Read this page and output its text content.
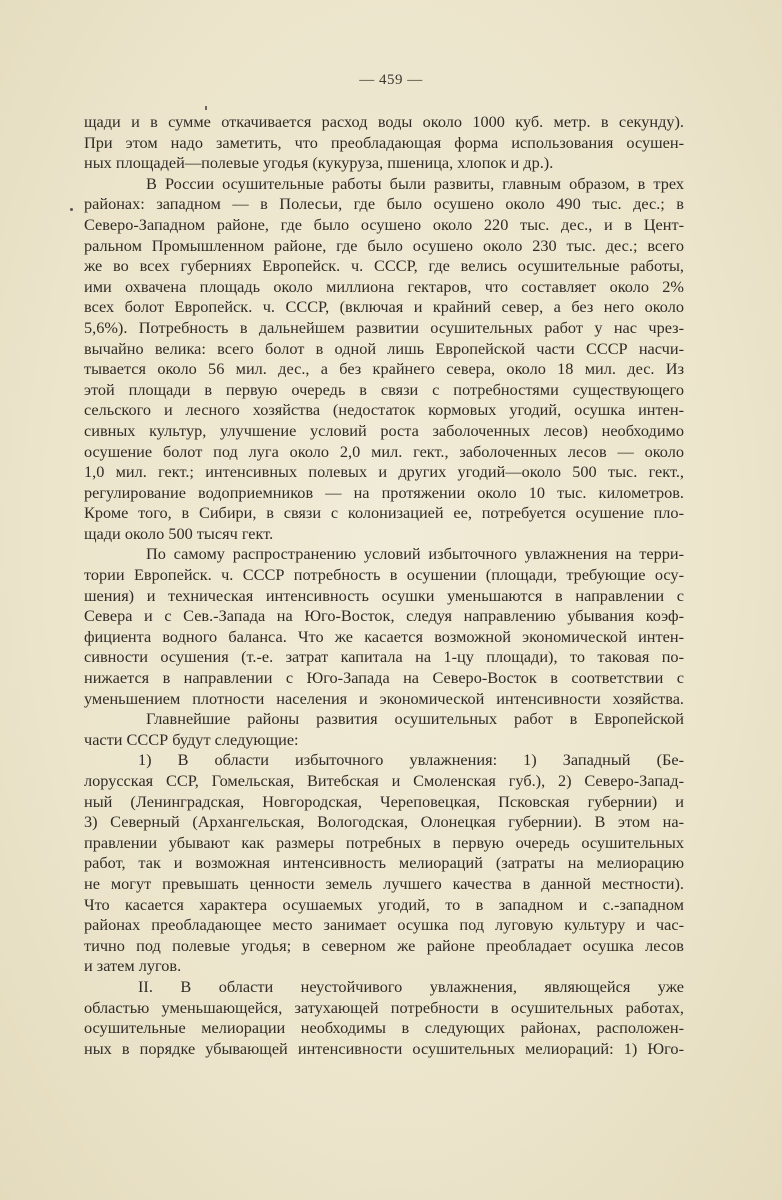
— 459 —
щади и в сумме откачивается расход воды около 1000 куб. метр. в секунду).
При этом надо заметить, что преобладающая форма использования осушен-
ных площадей—полевые угодья (кукуруза, пшеница, хлопок и др.).
В России осушительные работы были развиты, главным образом, в трех
районах: западном — в Полесьи, где было осушено около 490 тыс. дес.; в
Северо-Западном районе, где было осушено около 220 тыс. дес., и в Цент-
ральном Промышленном районе, где было осушено около 230 тыс. дес.; всего
же во всех губерниях Европейск. ч. СССР, где велись осушительные работы,
ими охвачена площадь около миллиона гектаров, что составляет около 2%
всех болот Европейск. ч. СССР, (включая и крайний север, а без него около
5,6%). Потребность в дальнейшем развитии осушительных работ у нас чрез-
вычайно велика: всего болот в одной лишь Европейской части СССР насчи-
тывается около 56 мил. дес., а без крайнего севера, около 18 мил. дес. Из
этой площади в первую очередь в связи с потребностями существующего
сельского и лесного хозяйства (недостаток кормовых угодий, осушка интен-
сивных культур, улучшение условий роста заболоченных лесов) необходимо
осушение болот под луга около 2,0 мил. гект., заболоченных лесов — около
1,0 мил. гект.; интенсивных полевых и других угодий—около 500 тыс. гект.,
регулирование водоприемников — на протяжении около 10 тыс. километров.
Кроме того, в Сибири, в связи с колонизацией ее, потребуется осушение пло-
щади около 500 тысяч гект.
По самому распространению условий избыточного увлажнения на терри-
тории Европейск. ч. СССР потребность в осушении (площади, требующие осу-
шения) и техническая интенсивность осушки уменьшаются в направлении с
Севера и с Сев.-Запада на Юго-Восток, следуя направлению убывания коэф-
фициента водного баланса. Что же касается возможной экономической интен-
сивности осушения (т.-е. затрат капитала на 1-цу площади), то таковая по-
нижается в направлении с Юго-Запада на Северо-Восток в соответствии с
уменьшением плотности населения и экономической интенсивности хозяйства.
Главнейшие районы развития осушительных работ в Европейской
части СССР будут следующие:
1) В области избыточного увлажнения: 1) Западный (Бе-
лорусская ССР, Гомельская, Витебская и Смоленская губ.), 2) Северо-Запад-
ный (Ленинградская, Новгородская, Череповецкая, Псковская губернии) и
3) Северный (Архангельская, Вологодская, Олонецкая губернии). В этом на-
правлении убывают как размеры потребных в первую очередь осушительных
работ, так и возможная интенсивность мелиораций (затраты на мелиорацию
не могут превышать ценности земель лучшего качества в данной местности).
Что касается характера осушаемых угодий, то в западном и с.-западном
районах преобладающее место занимает осушка под луговую культуру и час-
тично под полевые угодья; в северном же районе преобладает осушка лесов
и затем лугов.
II. В области неустойчивого увлажнения, являющейся уже
областью уменьшающейся, затухающей потребности в осушительных работах,
осушительные мелиорации необходимы в следующих районах, расположен-
ных в порядке убывающей интенсивности осушительных мелиораций: 1) Юго-
